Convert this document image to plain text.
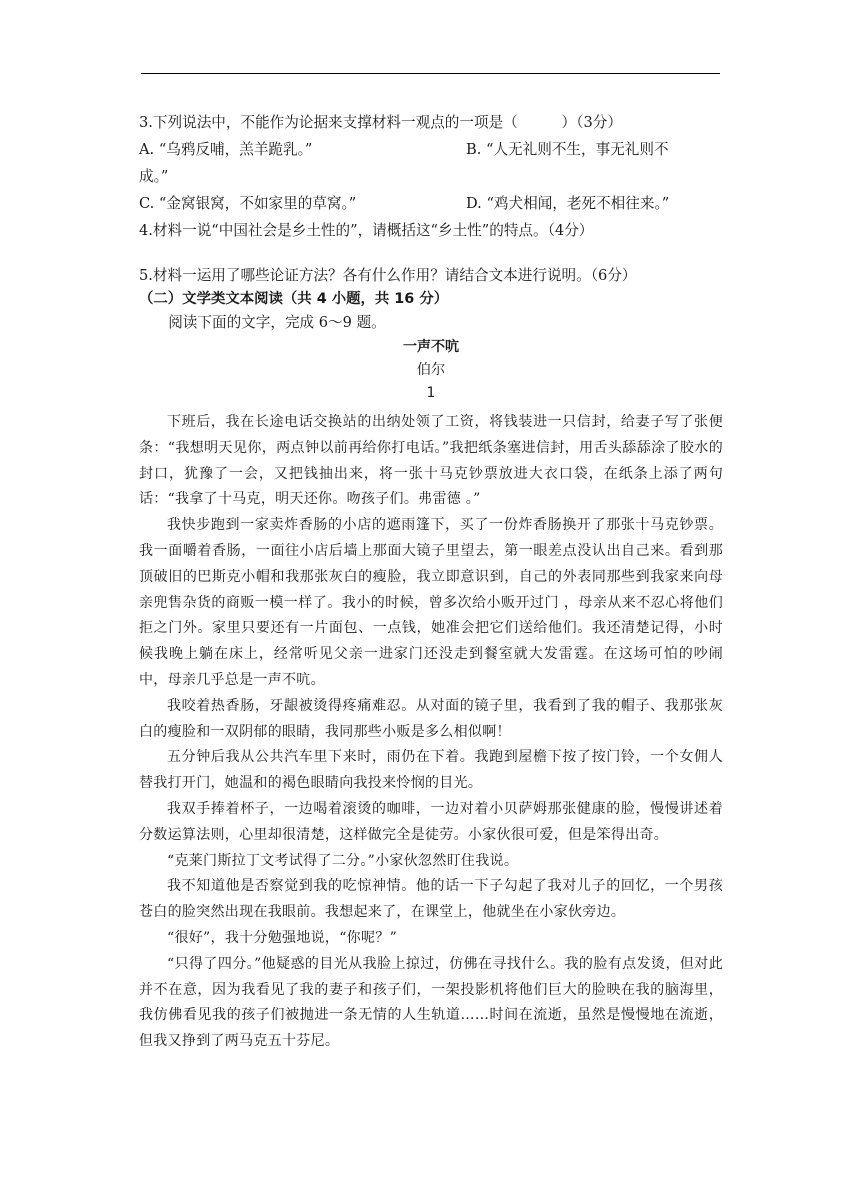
3.下列说法中，不能作为论据来支撑材料一观点的一项是（　　　）（3分）

A. “乌鸦反哺，羔羊跪乳。”	B. “人无礼则不生，事无礼则不

成。”

C. “金窝银窝，不如家里的草窝。”	D. “鸡犬相闻，老死不相往来。”

4.材料一说“中国社会是乡土性的”，请概括这“乡土性”的特点。（4分）

5.材料一运用了哪些论证方法？各有什么作用？请结合文本进行说明。（6分）

（二）文学类文本阅读（共 4 小题，共 16 分）
阅读下面的文字，完成 6～9 题。
一声不吭
伯尔
1

下班后，我在长途电话交换站的出纳处领了工资，将钱装进一只信封，给妻子写了张便条：“我想明天见你，两点钟以前再给你打电话。”我把纸条塞进信封，用舌头舔舔涂了胶水的封口，犹豫了一会，又把钱抽出来，将一张十马克钞票放进大衣口袋，在纸条上添了两句话：“我拿了十马克，明天还你。吻孩子们。弗雷德 。”

我快步跑到一家卖炸香肠的小店的遮雨篷下，买了一份炸香肠换开了那张十马克钞票。我一面嚼着香肠，一面往小店后墙上那面大镜子里望去，第一眼差点没认出自己来。看到那顶破旧的巴斯克小帽和我那张灰白的瘦脸，我立即意识到，自己的外表同那些到我家来向母亲兜售杂货的商贩一模一样了。我小的时候，曾多次给小贩开过门 ，母亲从来不忍心将他们拒之门外。家里只要还有一片面包、一点钱，她准会把它们送给他们。我还清楚记得，小时候我晚上躺在床上，经常听见父亲一进家门还没走到餐室就大发雷霆。在这场可怕的吵闹中，母亲几乎总是一声不吭。

我咬着热香肠，牙龈被烫得疼痛难忍。从对面的镜子里，我看到了我的帽子、我那张灰白的瘦脸和一双阴郁的眼睛，我同那些小贩是多么相似啊！

五分钟后我从公共汽车里下来时，雨仍在下着。我跑到屋檐下按了按门铃，一个女佣人替我打开门，她温和的褐色眼睛向我投来怜悯的目光。

我双手捧着杯子，一边喝着滚烫的咖啡，一边对着小贝萨姆那张健康的脸，慢慢讲述着分数运算法则，心里却很清楚，这样做完全是徒劳。小家伙很可爱，但是笨得出奇。

“克莱门斯拉丁文考试得了二分。”小家伙忽然盯住我说。

我不知道他是否察觉到我的吃惊神情。他的话一下子勾起了我对儿子的回忆，一个男孩苍白的脸突然出现在我眼前。我想起来了，在课堂上，他就坐在小家伙旁边。

“很好”，我十分勉强地说，“你呢？”

“只得了四分。”他疑惑的目光从我脸上掠过，仿佛在寻找什么。我的脸有点发烫，但对此并不在意，因为我看见了我的妻子和孩子们，一架投影机将他们巨大的脸映在我的脑海里，我仿佛看见我的孩子们被抛进一条无情的人生轨道……时间在流逝，虽然是慢慢地在流逝，但我又挣到了两马克五十芬尼。
